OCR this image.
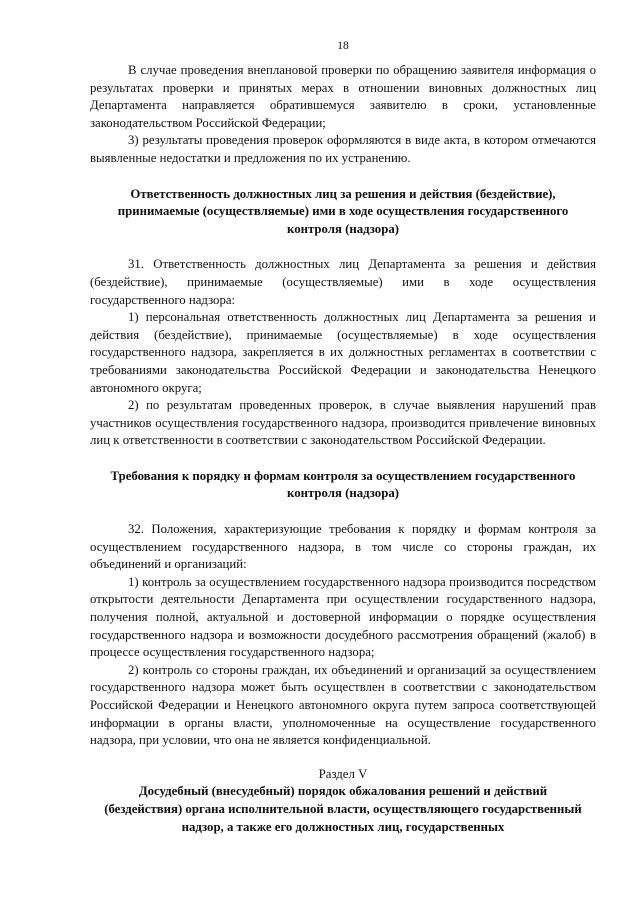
18

В случае проведения внеплановой проверки по обращению заявителя информация о результатах проверки и принятых мерах в отношении виновных должностных лиц Департамента направляется обратившемуся заявителю в сроки, установленные законодательством Российской Федерации;

3) результаты проведения проверок оформляются в виде акта, в котором отмечаются выявленные недостатки и предложения по их устранению.

Ответственность должностных лиц за решения и действия (бездействие), принимаемые (осуществляемые) ими в ходе осуществления государственного контроля (надзора)

31. Ответственность должностных лиц Департамента за решения и действия (бездействие), принимаемые (осуществляемые) ими в ходе осуществления государственного надзора:

1) персональная ответственность должностных лиц Департамента за решения и действия (бездействие), принимаемые (осуществляемые) в ходе осуществления государственного надзора, закрепляется в их должностных регламентах в соответствии с требованиями законодательства Российской Федерации и законодательства Ненецкого автономного округа;

2) по результатам проведенных проверок, в случае выявления нарушений прав участников осуществления государственного надзора, производится привлечение виновных лиц к ответственности в соответствии с законодательством Российской Федерации.

Требования к порядку и формам контроля за осуществлением государственного контроля (надзора)

32. Положения, характеризующие требования к порядку и формам контроля за осуществлением государственного надзора, в том числе со стороны граждан, их объединений и организаций:

1) контроль за осуществлением государственного надзора производится посредством открытости деятельности Департамента при осуществлении государственного надзора, получения полной, актуальной и достоверной информации о порядке осуществления государственного надзора и возможности досудебного рассмотрения обращений (жалоб) в процессе осуществления государственного надзора;

2) контроль со стороны граждан, их объединений и организаций за осуществлением государственного надзора может быть осуществлен в соответствии с законодательством Российской Федерации и Ненецкого автономного округа путем запроса соответствующей информации в органы власти, уполномоченные на осуществление государственного надзора, при условии, что она не является конфиденциальной.

Раздел V

Досудебный (внесудебный) порядок обжалования решений и действий (бездействия) органа исполнительной власти, осуществляющего государственный надзор, а также его должностных лиц, государственных
